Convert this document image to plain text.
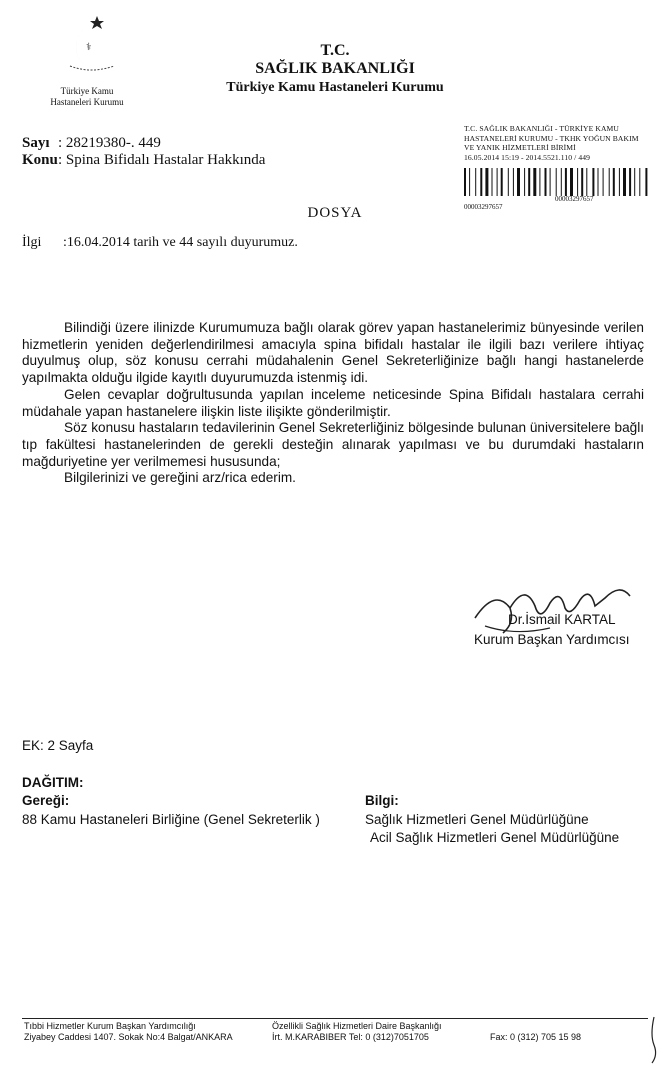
⚕
Türkiye Kamu
Hastaneleri Kurumu
T.C.
SAĞLIK BAKANLIĞI
Türkiye Kamu Hastaneleri Kurumu
T.C. SAĞLIK BAKANLIĞI - TÜRKİYE KAMU
HASTANELERİ KURUMU - TKHK YOĞUN BAKIM
VE YANIK HİZMETLERİ BİRİMİ
16.05.2014 15:19 - 2014.5521.110 / 449
00003297657
00003297657
Sayı : 28219380-. 449
Konu : Spina Bifidalı Hastalar Hakkında
DOSYA
İlgi :16.04.2014 tarih ve 44 sayılı duyurumuz.

Bilindiği üzere ilinizde Kurumumuza bağlı olarak görev yapan hastanelerimiz bünyesinde verilen hizmetlerin yeniden değerlendirilmesi amacıyla spina bifidalı hastalar ile ilgili bazı verilere ihtiyaç duyulmuş olup, söz konusu cerrahi müdahalenin Genel Sekreterliğinize bağlı hangi hastanelerde yapılmakta olduğu ilgide kayıtlı duyurumuzda istenmiş idi.

Gelen cevaplar doğrultusunda yapılan inceleme neticesinde Spina Bifidalı hastalara cerrahi müdahale yapan hastanelere ilişkin liste ilişikte gönderilmiştir.

Söz konusu hastaların tedavilerinin Genel Sekreterliğiniz bölgesinde bulunan üniversitelere bağlı tıp fakültesi hastanelerinden de gerekli desteğin alınarak yapılması ve bu durumdaki hastaların mağduriyetine yer verilmemesi hususunda;

Bilgilerinizi ve gereğini arz/rica ederim.

Dr.İsmail KARTAL
Kurum Başkan Yardımcısı
EK: 2 Sayfa
DAĞITIM:
Gereği:
88 Kamu Hastaneleri Birliğine (Genel Sekreterlik )
Bilgi:
Sağlık Hizmetleri Genel Müdürlüğüne
Acil Sağlık Hizmetleri Genel Müdürlüğüne
Tıbbi Hizmetler Kurum Başkan Yardımcılığı
Ziyabey Caddesi 1407. Sokak No:4 Balgat/ANKARA
Özellikli Sağlık Hizmetleri Daire Başkanlığı
İrt. M.KARABIBER Tel: 0 (312)7051705	Fax: 0 (312) 705 15 98
